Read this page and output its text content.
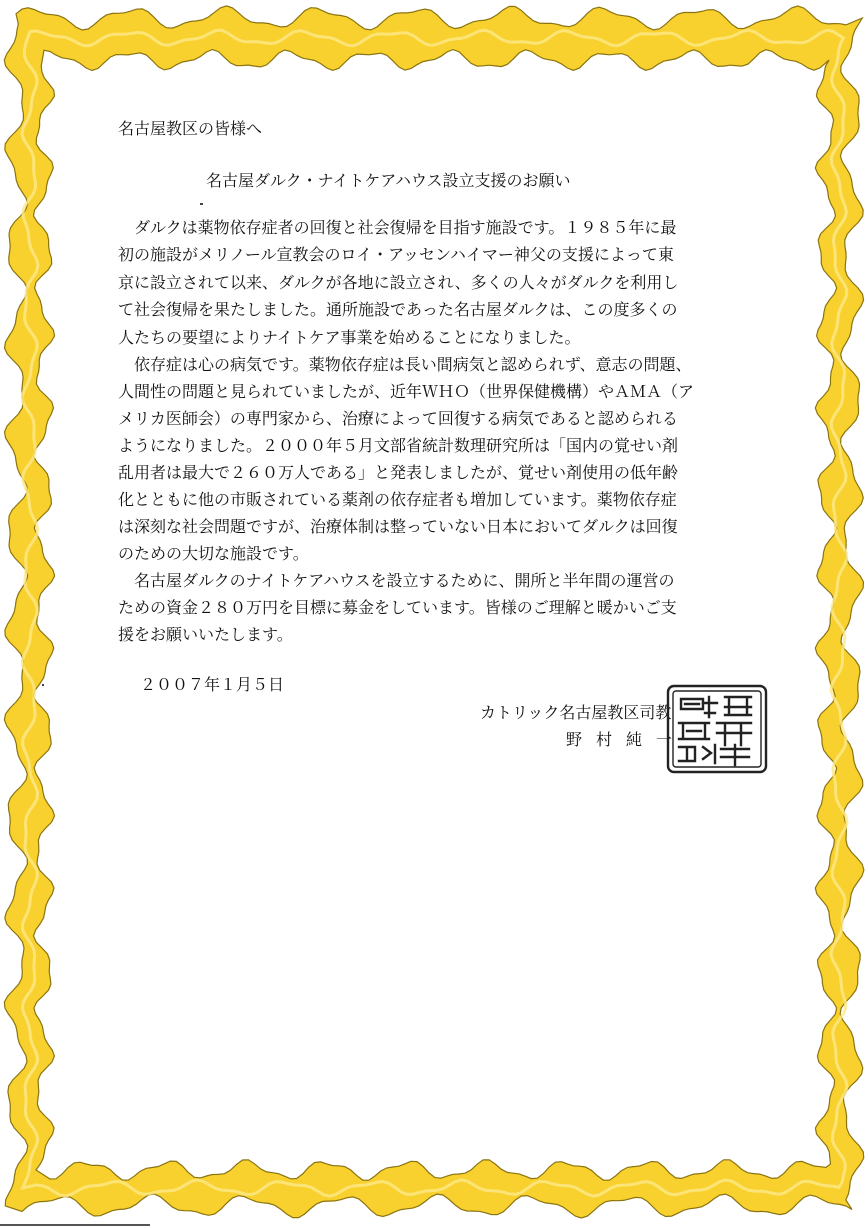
名古屋教区の皆様へ
名古屋ダルク・ナイトケアハウス設立支援のお願い
　ダルクは薬物依存症者の回復と社会復帰を目指す施設です。１９８５年に最
初の施設がメリノール宣教会のロイ・アッセンハイマー神父の支援によって東
京に設立されて以来、ダルクが各地に設立され、多くの人々がダルクを利用し
て社会復帰を果たしました。通所施設であった名古屋ダルクは、この度多くの
人たちの要望によりナイトケア事業を始めることになりました。
　依存症は心の病気です。薬物依存症は長い間病気と認められず、意志の問題、
人間性の問題と見られていましたが、近年ＷＨＯ（世界保健機構）やＡＭＡ（ア
メリカ医師会）の専門家から、治療によって回復する病気であると認められる
ようになりました。２０００年５月文部省統計数理研究所は「国内の覚せい剤
乱用者は最大で２６０万人である」と発表しましたが、覚せい剤使用の低年齢
化とともに他の市販されている薬剤の依存症者も増加しています。薬物依存症
は深刻な社会問題ですが、治療体制は整っていない日本においてダルクは回復
のための大切な施設です。
　名古屋ダルクのナイトケアハウスを設立するために、開所と半年間の運営の
ための資金２８０万円を目標に募金をしています。皆様のご理解と暖かいご支
援をお願いいたします。
２００７年１月５日
カトリック名古屋教区司教
野村純一
